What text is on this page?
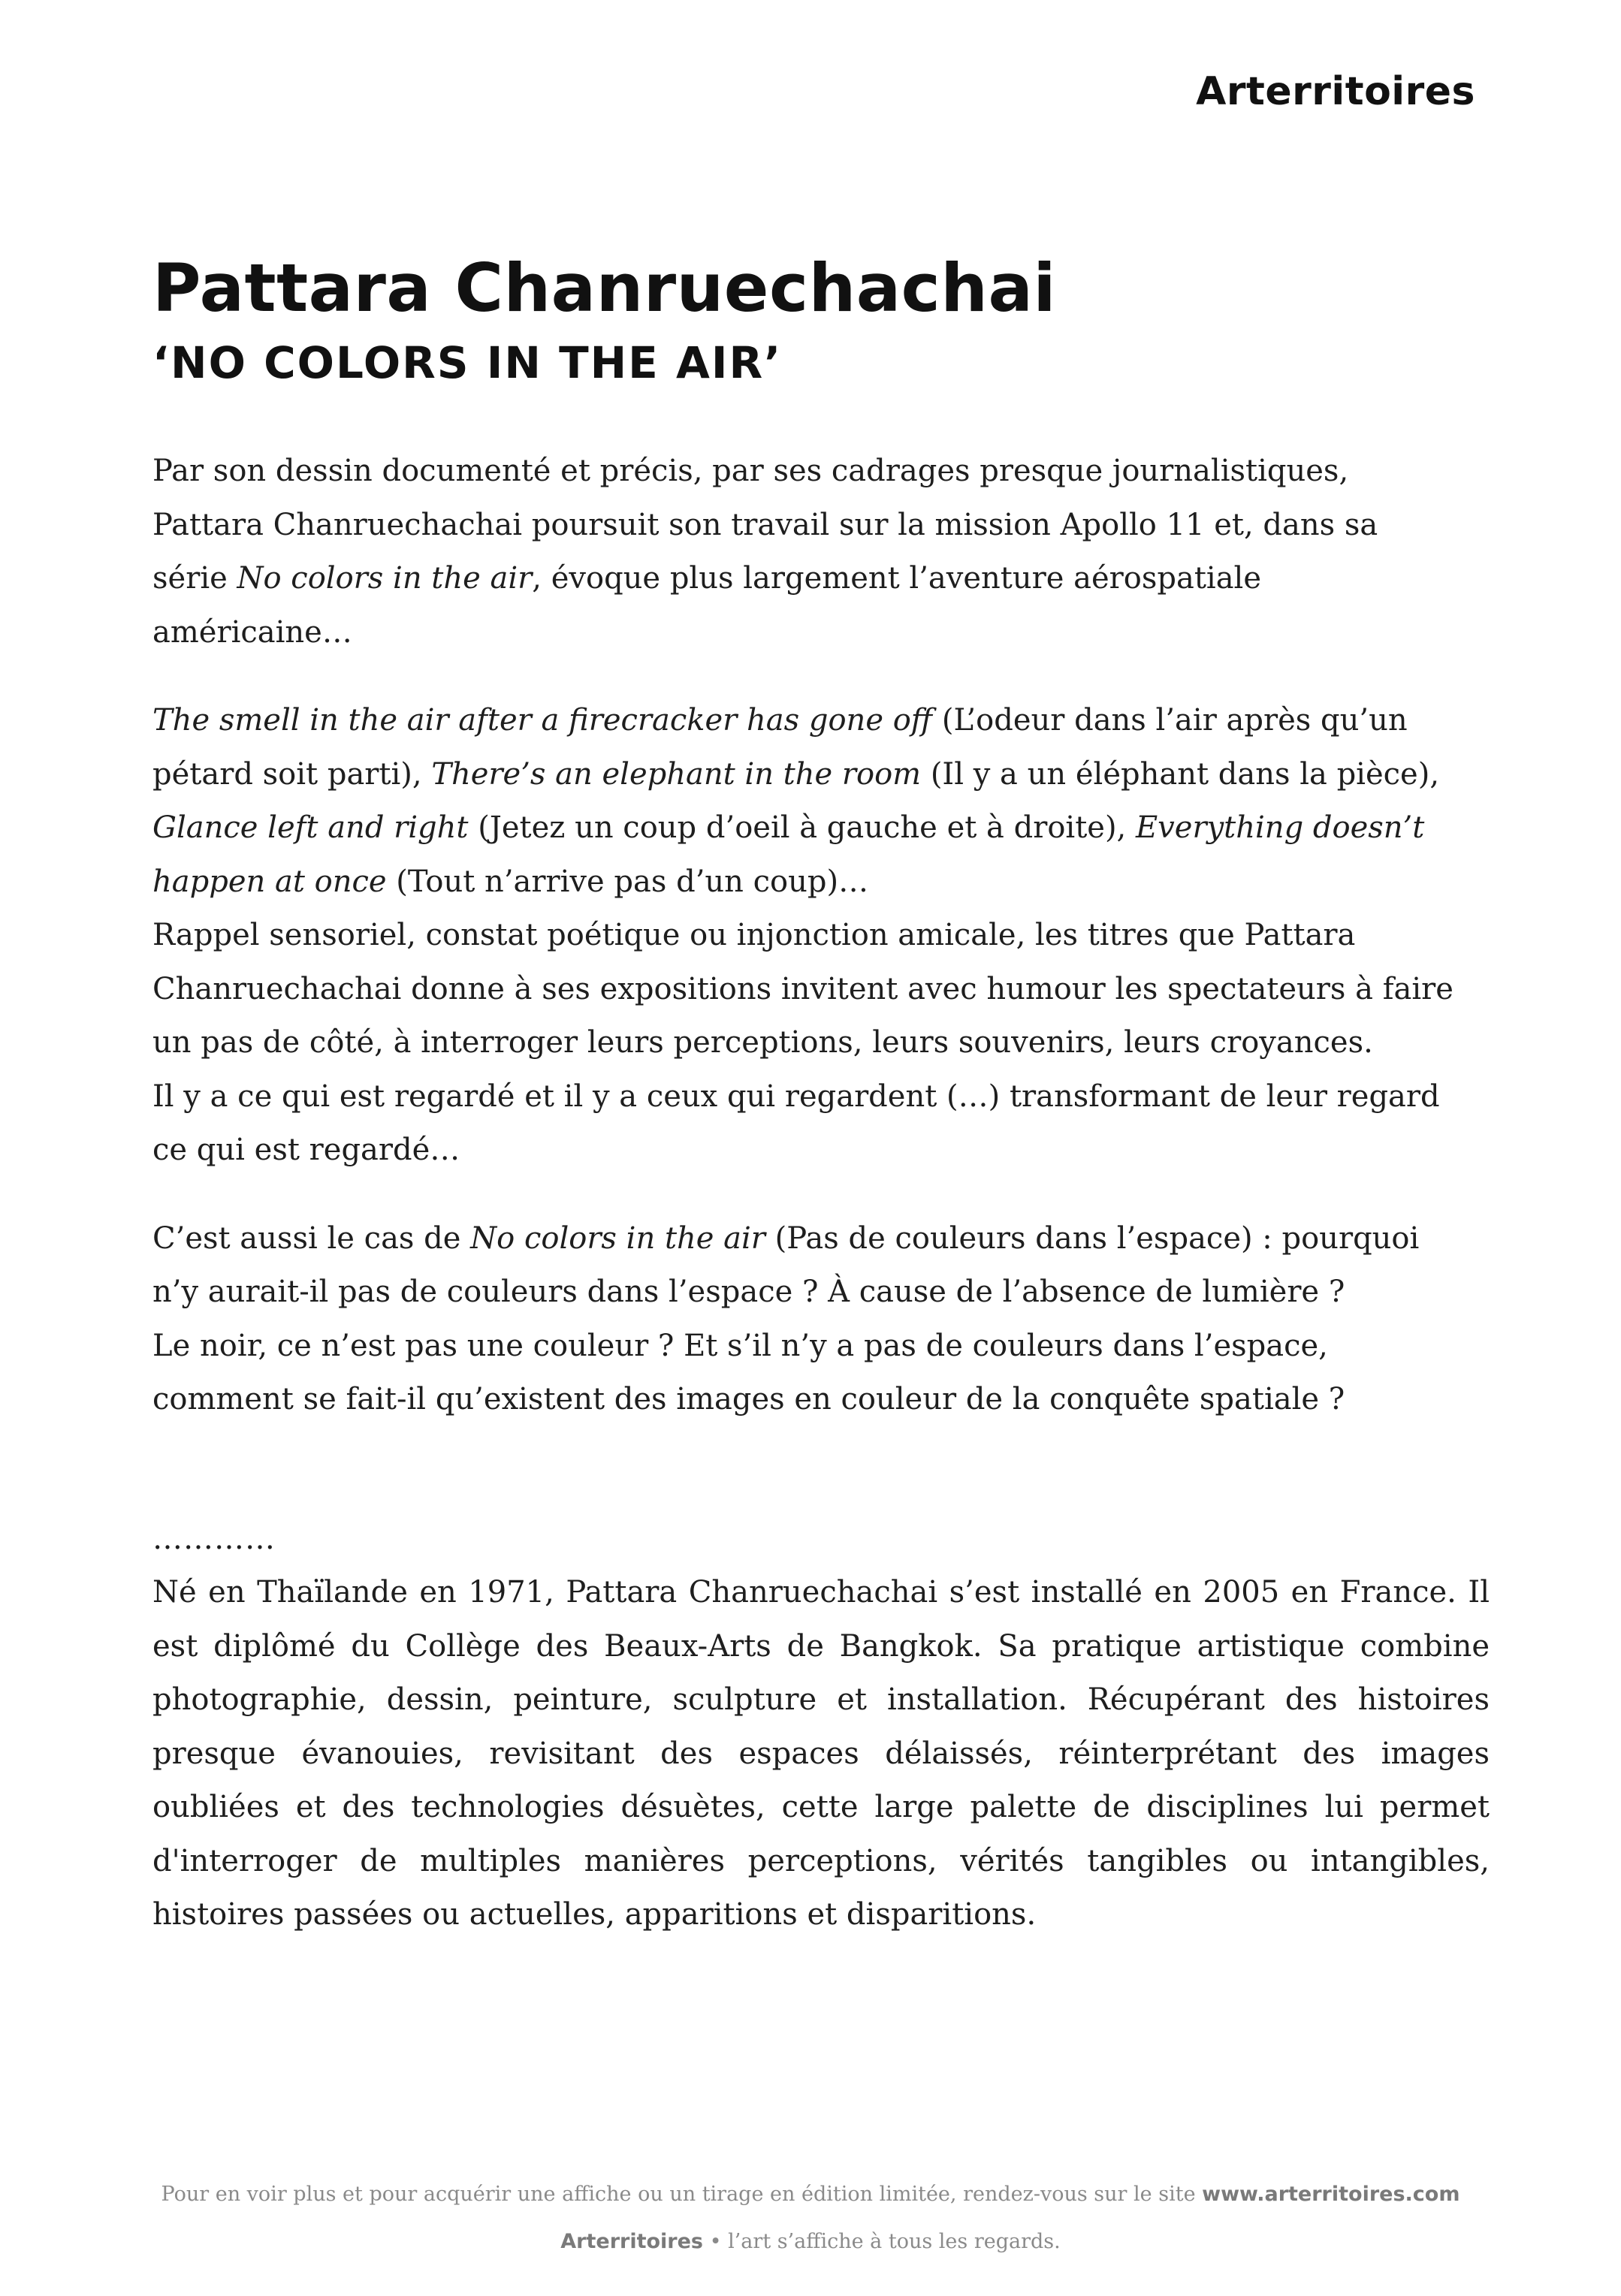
Arterritoires

Pattara Chanruechachai
‘NO COLORS IN THE AIR’

Par son dessin documenté et précis, par ses cadrages presque journalistiques, Pattara Chanruechachai poursuit son travail sur la mission Apollo 11 et, dans sa série No colors in the air, évoque plus largement l’aventure aérospatiale américaine…

The smell in the air after a firecracker has gone off (L’odeur dans l’air après qu’un pétard soit parti), There’s an elephant in the room (Il y a un éléphant dans la pièce), Glance left and right (Jetez un coup d’oeil à gauche et à droite), Everything doesn’t happen at once (Tout n’arrive pas d’un coup)…

Rappel sensoriel, constat poétique ou injonction amicale, les titres que Pattara Chanruechachai donne à ses expositions invitent avec humour les spectateurs à faire un pas de côté, à interroger leurs perceptions, leurs souvenirs, leurs croyances.
Il y a ce qui est regardé et il y a ceux qui regardent (…) transformant de leur regard ce qui est regardé…

C’est aussi le cas de No colors in the air (Pas de couleurs dans l’espace) : pourquoi n’y aurait-il pas de couleurs dans l’espace ? À cause de l’absence de lumière ?
Le noir, ce n’est pas une couleur ? Et s’il n’y a pas de couleurs dans l’espace, comment se fait-il qu’existent des images en couleur de la conquête spatiale ?

…………

Né en Thaïlande en 1971, Pattara Chanruechachai s’est installé en 2005 en France. Il est diplômé du Collège des Beaux-Arts de Bangkok. Sa pratique artistique combine photographie, dessin, peinture, sculpture et installation. Récupérant des histoires presque évanouies, revisitant des espaces délaissés, réinterprétant des images oubliées et des technologies désuètes, cette large palette de disciplines lui permet d'interroger de multiples manières perceptions, vérités tangibles ou intangibles, histoires passées ou actuelles, apparitions et disparitions.

Pour en voir plus et pour acquérir une affiche ou un tirage en édition limitée, rendez-vous sur le site www.arterritoires.com

Arterritoires • l’art s’affiche à tous les regards.
